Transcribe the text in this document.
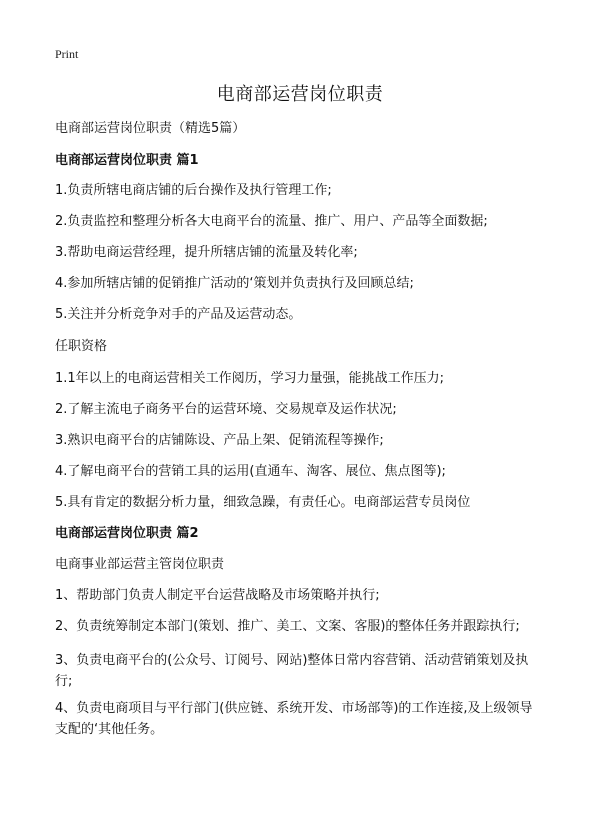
Print
电商部运营岗位职责
电商部运营岗位职责（精选5篇）
电商部运营岗位职责 篇1
1.负责所辖电商店铺的后台操作及执行管理工作;
2.负责监控和整理分析各大电商平台的流量、推广、用户、产品等全面数据;
3.帮助电商运营经理，提升所辖店铺的流量及转化率;
4.参加所辖店铺的促销推广活动的‘策划并负责执行及回顾总结;
5.关注并分析竞争对手的产品及运营动态。
任职资格
1.1年以上的电商运营相关工作阅历，学习力量强，能挑战工作压力;
2.了解主流电子商务平台的运营环境、交易规章及运作状况;
3.熟识电商平台的店铺陈设、产品上架、促销流程等操作;
4.了解电商平台的营销工具的运用(直通车、淘客、展位、焦点图等);
5.具有肯定的数据分析力量，细致急躁，有责任心。电商部运营专员岗位
电商部运营岗位职责 篇2
电商事业部运营主管岗位职责
1、帮助部门负责人制定平台运营战略及市场策略并执行;
2、负责统筹制定本部门(策划、推广、美工、文案、客服)的整体任务并跟踪执行;
3、负责电商平台的(公众号、订阅号、网站)整体日常内容营销、活动营销策划及执行;
4、负责电商项目与平行部门(供应链、系统开发、市场部等)的工作连接,及上级领导支配的‘其他任务。
